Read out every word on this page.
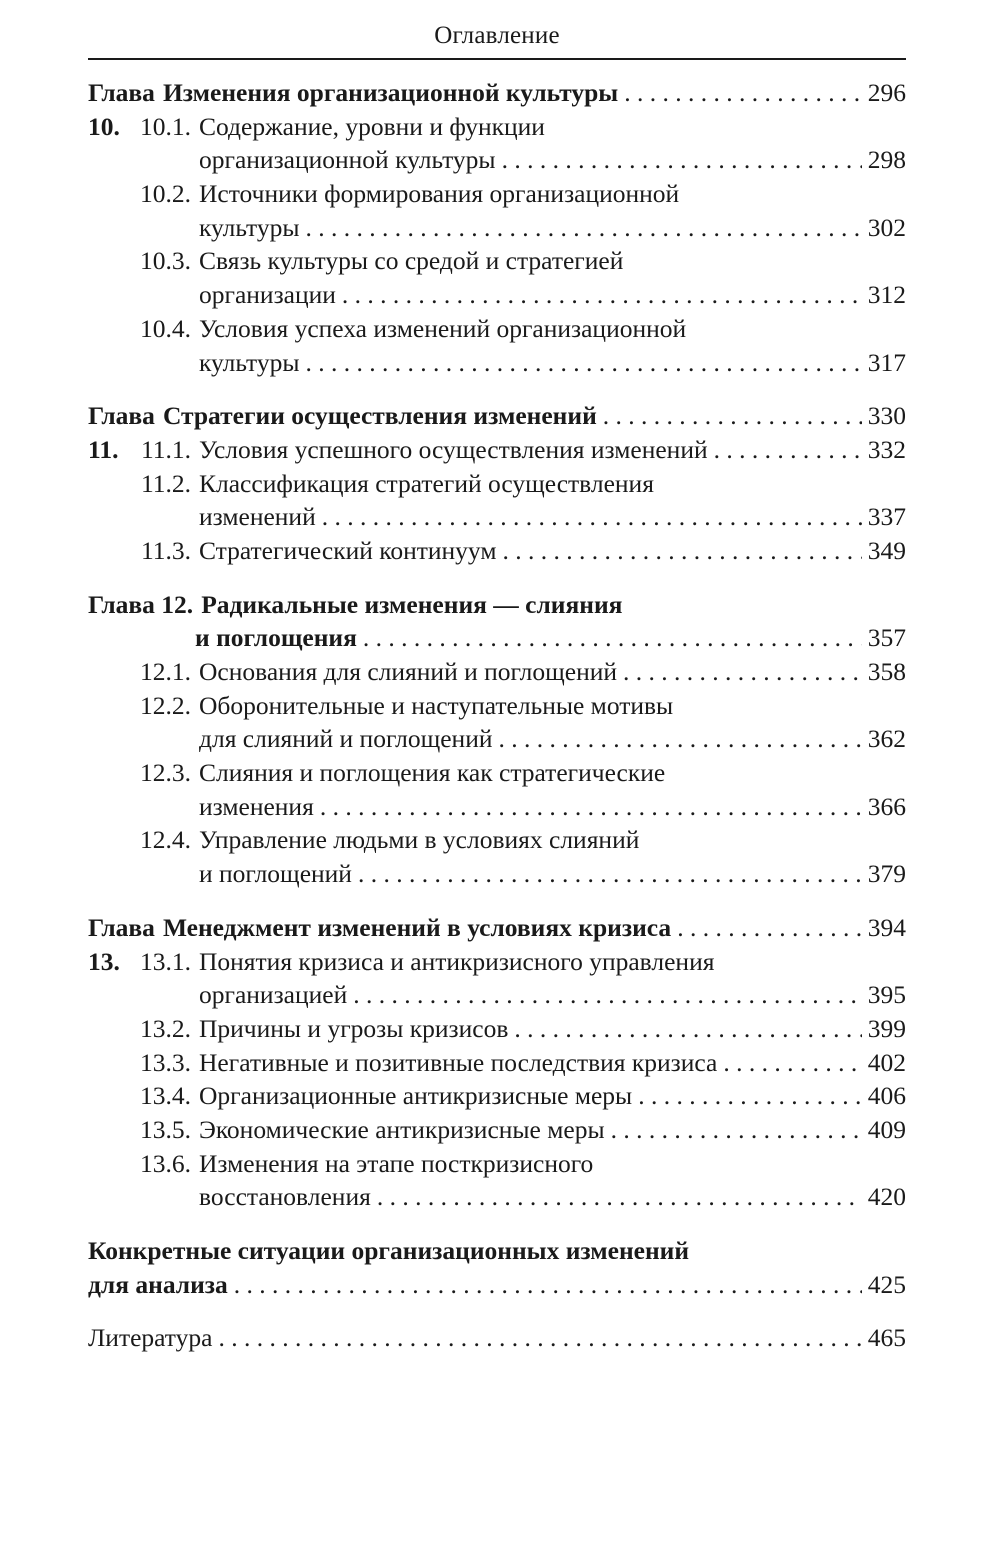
Оглавление
Глава 10.
Изменения организационной культуры . . .	296
10.1. Содержание, уровни и функции
организационной культуры . . .	298
10.2. Источники формирования организационной
культуры . . .	302
10.3. Связь культуры со средой и стратегией
организации . . .	312
10.4. Условия успеха изменений организационной
культуры . . .	317
Глава 11.
Стратегии осуществления изменений . . .	330
11.1. Условия успешного осуществления изменений . . .	332
11.2. Классификация стратегий осуществления
изменений . . .	337
11.3. Стратегический континуум . . .	349
Глава 12. Радикальные изменения — слияния
и поглощения . . .	357
12.1. Основания для слияний и поглощений . . .	358
12.2. Оборонительные и наступательные мотивы
для слияний и поглощений . . .	362
12.3. Слияния и поглощения как стратегические
изменения . . .	366
12.4. Управление людьми в условиях слияний
и поглощений . . .	379
Глава 13.
Менеджмент изменений в условиях кризиса . . .	394
13.1. Понятия кризиса и антикризисного управления
организацией . . .	395
13.2. Причины и угрозы кризисов . . .	399
13.3. Негативные и позитивные последствия кризиса . . .	402
13.4. Организационные антикризисные меры . . .	406
13.5. Экономические антикризисные меры . . .	409
13.6. Изменения на этапе посткризисного
восстановления . . .	420
Конкретные ситуации организационных изменений
для анализа . . .	425
Литература . . .	465
